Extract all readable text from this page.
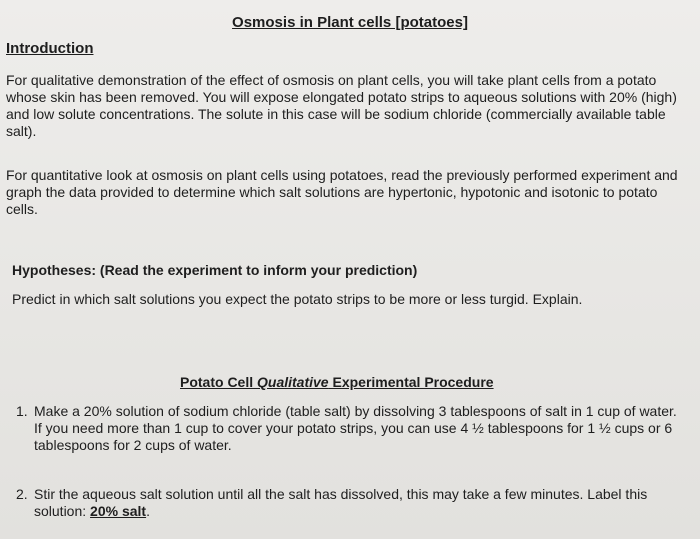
Osmosis in Plant cells [potatoes]
Introduction

For qualitative demonstration of the effect of osmosis on plant cells, you will take plant cells from a potato whose skin has been removed. You will expose elongated potato strips to aqueous solutions with 20% (high) and low solute concentrations. The solute in this case will be sodium chloride (commercially available table salt).

For quantitative look at osmosis on plant cells using potatoes, read the previously performed experiment and graph the data provided to determine which salt solutions are hypertonic, hypotonic and isotonic to potato cells.

Hypotheses: (Read the experiment to inform your prediction)
Predict in which salt solutions you expect the potato strips to be more or less turgid. Explain.
Potato Cell Qualitative Experimental Procedure
1. Make a 20% solution of sodium chloride (table salt) by dissolving 3 tablespoons of salt in 1 cup of water. If you need more than 1 cup to cover your potato strips, you can use 4 ½ tablespoons for 1 ½ cups or 6 tablespoons for 2 cups of water.
2. Stir the aqueous salt solution until all the salt has dissolved, this may take a few minutes. Label this solution: 20% salt.
